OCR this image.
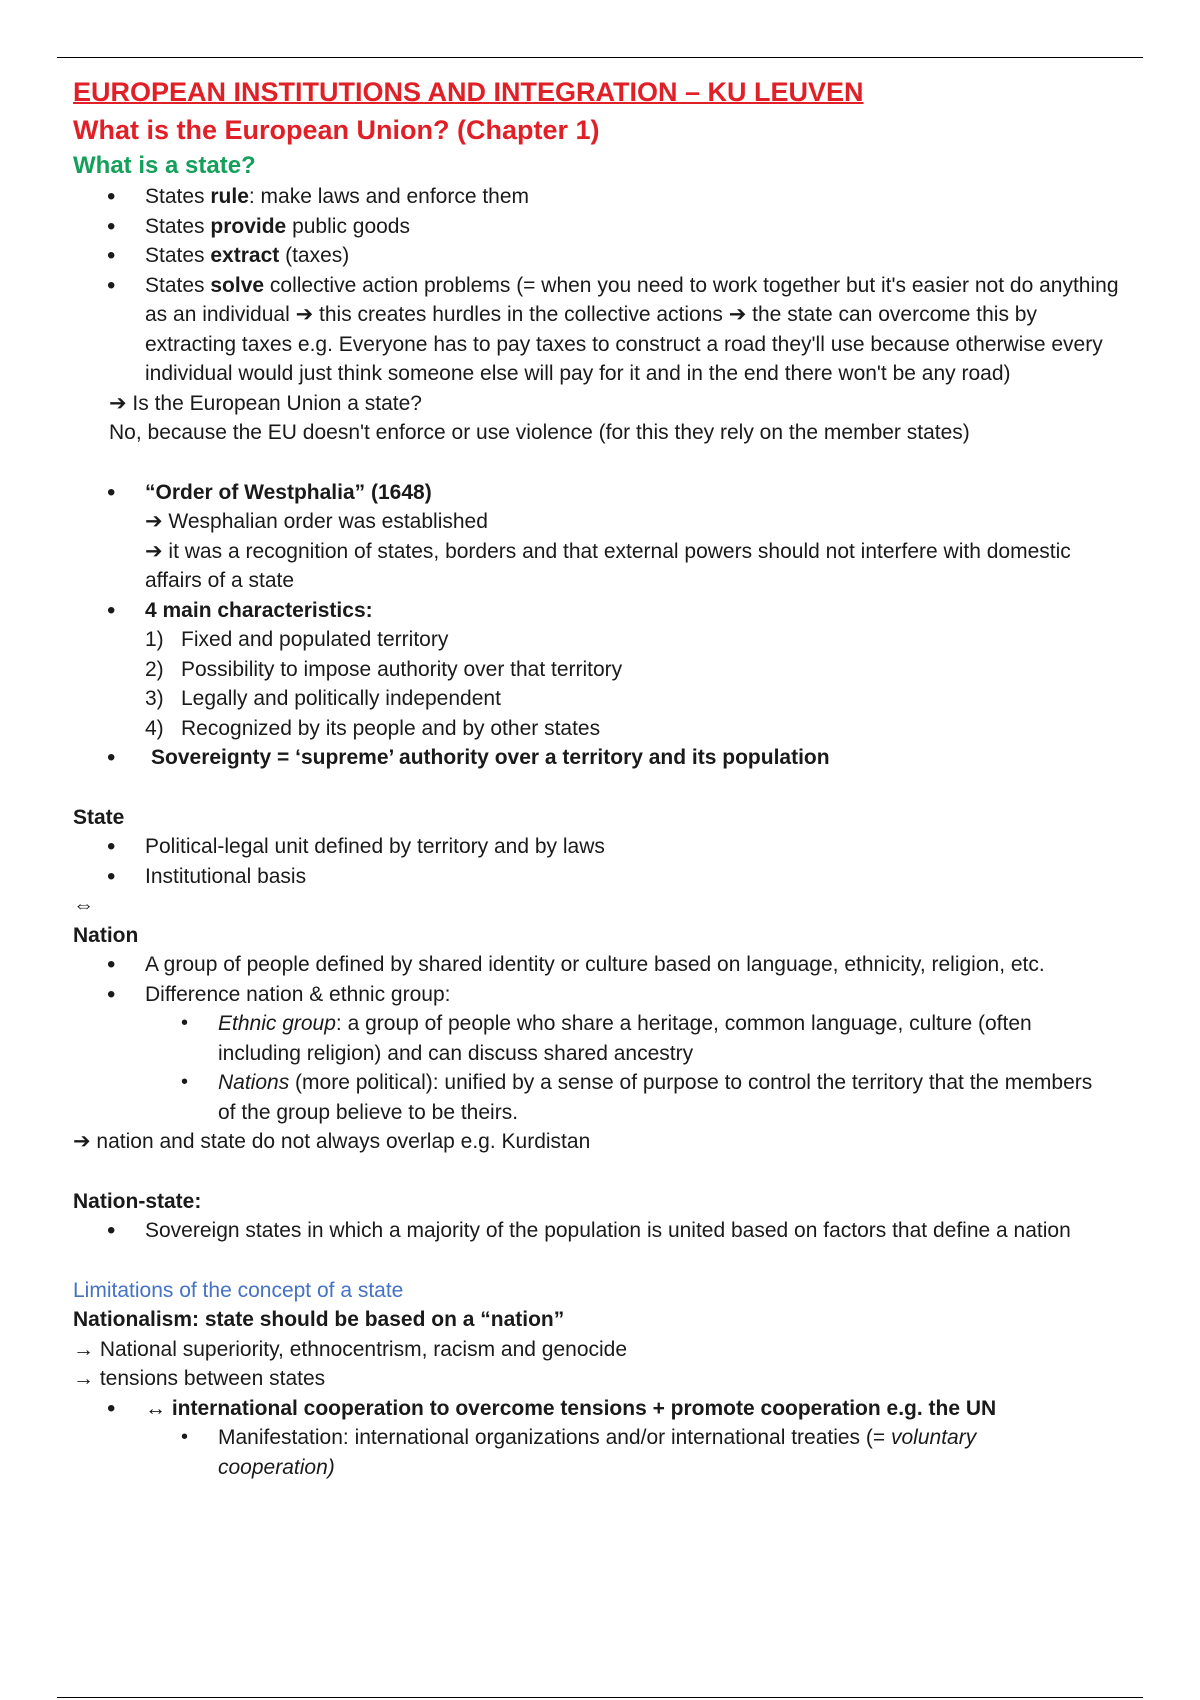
EUROPEAN INSTITUTIONS AND INTEGRATION – KU LEUVEN

What is the European Union? (Chapter 1)

What is a state?

• States rule: make laws and enforce them
• States provide public goods
• States extract (taxes)
• States solve collective action problems (= when you need to work together but it's easier not do anything as an individual ➔ this creates hurdles in the collective actions ➔ the state can overcome this by extracting taxes e.g. Everyone has to pay taxes to construct a road they'll use because otherwise every individual would just think someone else will pay for it and in the end there won't be any road)

➔ Is the European Union a state?

No, because the EU doesn't enforce or use violence (for this they rely on the member states)

• “Order of Westphalia” (1648)
➔ Wesphalian order was established
➔ it was a recognition of states, borders and that external powers should not interfere with domestic affairs of a state
• 4 main characteristics:
1) Fixed and populated territory
2) Possibility to impose authority over that territory
3) Legally and politically independent
4) Recognized by its people and by other states
• Sovereignty = ‘supreme’ authority over a territory and its population

State

• Political-legal unit defined by territory and by laws
• Institutional basis

⇔

Nation

• A group of people defined by shared identity or culture based on language, ethnicity, religion, etc.
• Difference nation & ethnic group:
• Ethnic group: a group of people who share a heritage, common language, culture (often including religion) and can discuss shared ancestry
• Nations (more political): unified by a sense of purpose to control the territory that the members of the group believe to be theirs.

➔ nation and state do not always overlap e.g. Kurdistan

Nation-state:

• Sovereign states in which a majority of the population is united based on factors that define a nation

Limitations of the concept of a state

Nationalism: state should be based on a “nation”

→ National superiority, ethnocentrism, racism and genocide

→ tensions between states

• ↔ international cooperation to overcome tensions + promote cooperation e.g. the UN
• Manifestation: international organizations and/or international treaties (= voluntary cooperation)
